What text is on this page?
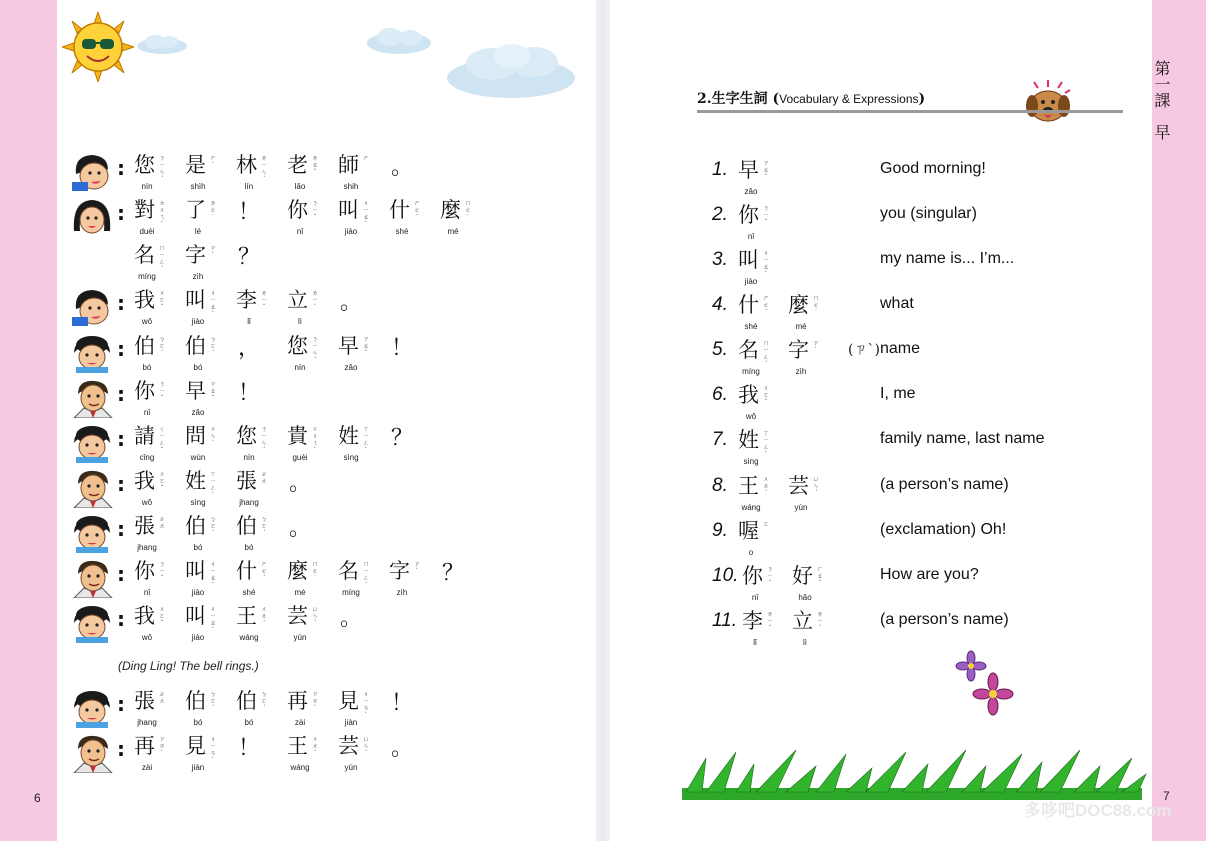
6	7
第一課　早
多哆吧DOC88.com
: 您 ㄋㄧㄣˊ
nín
是 ㄕˋ
shìh
林 ㄌㄧㄣˊ
lín
老 ㄌㄠˇ
lǎo
師 ㄕ
shih
。
: 對 ㄉㄨㄟˋ
duèi
了 ㄌㄜ˙
lé
！ 你 ㄋㄧˇ
nǐ
叫 ㄐㄧㄠˋ
jiào
什 ㄕㄜˊ
shé
麼 ㄇㄜ˙
mé
名 ㄇㄧㄥˊ
míng
字 ㄗˋ
zìh
？
: 我 ㄨㄛˇ
wǒ
叫 ㄐㄧㄠˋ
jiào
李 ㄌㄧˇ
lǐ
立 ㄌㄧˋ
lì
。
: 伯 ㄅㄛˊ
bó
伯 ㄅㄛˊ
bó
， 您 ㄋㄧㄣˊ
nín
早 ㄗㄠˇ
zǎo
！
: 你 ㄋㄧˇ
nǐ
早 ㄗㄠˇ
zǎo
！
: 請 ㄑㄧㄥˇ
cǐng
問 ㄨㄣˋ
wùn
您 ㄋㄧㄣˊ
nín
貴 ㄍㄨㄟˋ
guèi
姓 ㄒㄧㄥˋ
sìng
？
: 我 ㄨㄛˇ
wǒ
姓 ㄒㄧㄥˋ
sìng
張 ㄓㄤ
jhang
。
: 張 ㄓㄤ
jhang
伯 ㄅㄛˊ
bó
伯 ㄅㄛˊ
bó
。
: 你 ㄋㄧˇ
nǐ
叫 ㄐㄧㄠˋ
jiào
什 ㄕㄜˊ
shé
麼 ㄇㄜ˙
mé
名 ㄇㄧㄥˊ
míng
字 ㄗˋ
zìh
？
: 我 ㄨㄛˇ
wǒ
叫 ㄐㄧㄠˋ
jiào
王 ㄨㄤˊ
wáng
芸 ㄩㄣˊ
yún
。
: 張 ㄓㄤ
jhang
伯 ㄅㄛˊ
bó
伯 ㄅㄛˊ
bó
再 ㄗㄞˋ
zài
見 ㄐㄧㄢˋ
jiàn
！
: 再 ㄗㄞˋ
zài
見 ㄐㄧㄢˋ
jiàn
！ 王 ㄨㄤˊ
wáng
芸 ㄩㄣˊ
yún
。
(Ding Ling! The bell rings.)
2.生字生詞 (Vocabulary & Expressions)
1. 早 ㄗㄠˇ
zǎo
Good morning!
2. 你 ㄋㄧˇ
nǐ
you (singular)
3. 叫 ㄐㄧㄠˋ
jiào
my name is... I’m...
4. 什 ㄕㄜˊ
shé
麼 ㄇㄜ˙
mé
what
5. 名 ㄇㄧㄥˊ
míng
字 ㄗˋ
zìh
(ㄗˋ) name
6. 我 ㄨㄛˇ
wǒ
I, me
7. 姓 ㄒㄧㄥˋ
sìng
family name, last name
8. 王 ㄨㄤˊ
wáng
芸 ㄩㄣˊ
yún
(a person’s name)
9. 喔 ㄛ
o
(exclamation) Oh!
10. 你 ㄋㄧˇ
nǐ
好 ㄏㄠˇ
hǎo
How are you?
11. 李 ㄌㄧˇ
lǐ
立 ㄌㄧˋ
lì
(a person’s name)
